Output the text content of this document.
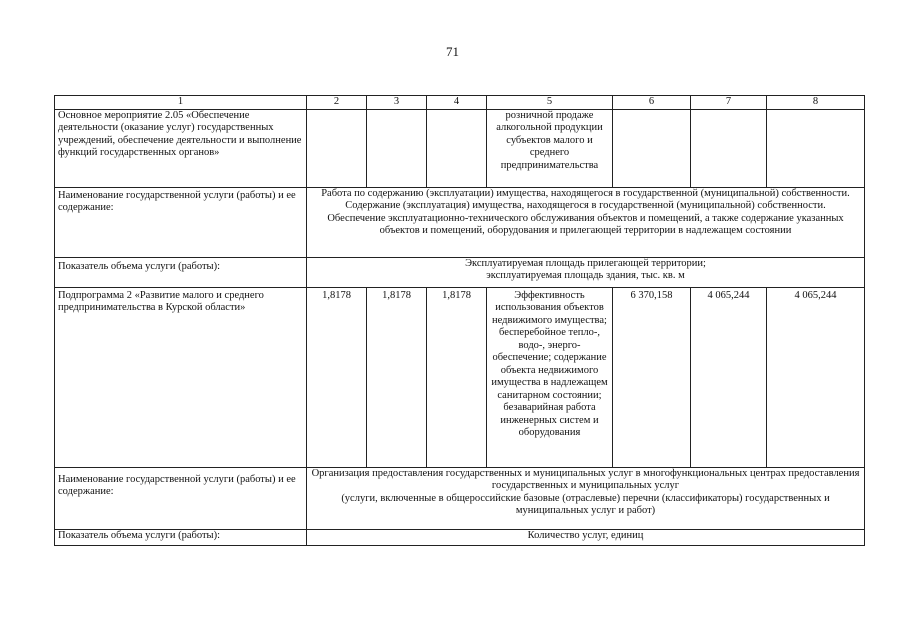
71
1	2	3	4	5	6	7	8
Основное мероприятие 2.05 «Обеспечение деятельности (оказание услуг) государственных учреждений, обеспечение деятельности и выполнение функций государственных органов»				розничной продаже алкогольной продукции субъектов малого и среднего предпринимательства			
Наименование государственной услуги (работы) и ее содержание:	Работа по содержанию (эксплуатации) имущества, находящегося в государственной (муниципальной) собственности.
Содержание (эксплуатация) имущества, находящегося в государственной (муниципальной) собственности.
Обеспечение эксплуатационно-технического обслуживания объектов и помещений, а также содержание указанных объектов и помещений, оборудования и прилегающей территории в надлежащем состоянии						

Показатель объема услуги (работы):	Эксплуатируемая площадь прилегающей территории;
эксплуатируемая площадь здания, тыс. кв. м						

Подпрограмма 2 «Развитие малого и среднего предпринимательства в Курской области»	1,8178	1,8178	1,8178	Эффективность использования объектов недвижимого имущества; бесперебойное тепло-, водо-, энерго-обеспечение; содержание объекта недвижимого имущества в надлежащем санитарном состоянии; безаварийная работа инженерных систем и оборудования	6 370,158	4 065,244	4 065,244
Наименование государственной услуги (работы) и ее содержание:	Организация предоставления государственных и муниципальных услуг в многофункциональных центрах предоставления государственных и муниципальных услуг
(услуги, включенные в общероссийские базовые (отраслевые) перечни (классификаторы) государственных и муниципальных услуг и работ)						

Показатель объема услуги (работы):	Количество услуг, единиц						
